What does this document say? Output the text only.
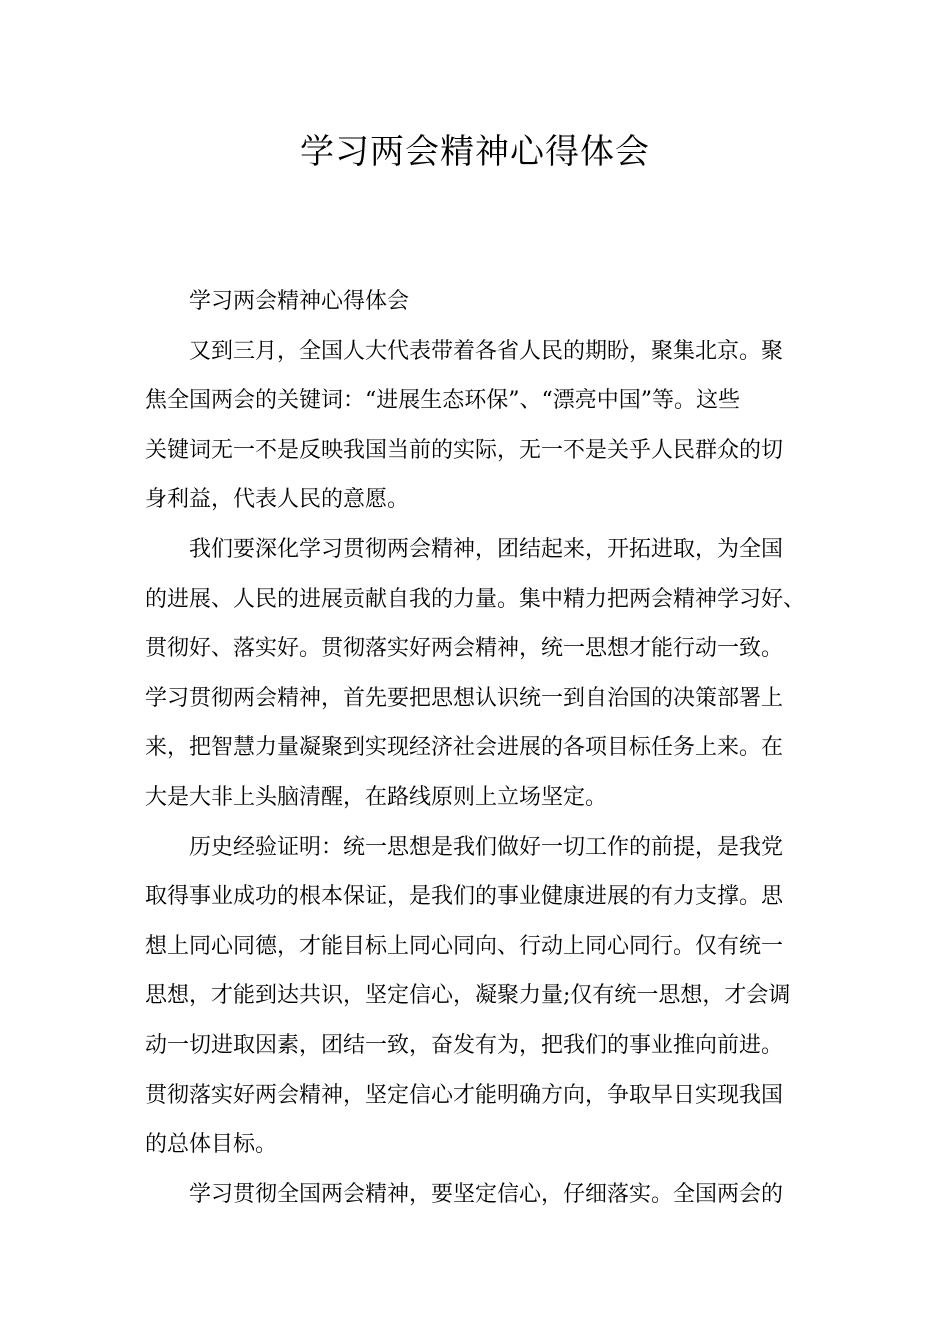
学习两会精神心得体会

学习两会精神心得体会

又到三月，全国人大代表带着各省人民的期盼，聚集北京。聚
焦全国两会的关键词：“进展生态环保”、“漂亮中国”等。这些
关键词无一不是反映我国当前的实际，无一不是关乎人民群众的切
身利益，代表人民的意愿。

我们要深化学习贯彻两会精神，团结起来，开拓进取，为全国
的进展、人民的进展贡献自我的力量。集中精力把两会精神学习好、
贯彻好、落实好。贯彻落实好两会精神，统一思想才能行动一致。
学习贯彻两会精神，首先要把思想认识统一到自治国的决策部署上
来，把智慧力量凝聚到实现经济社会进展的各项目标任务上来。在
大是大非上头脑清醒，在路线原则上立场坚定。

历史经验证明：统一思想是我们做好一切工作的前提，是我党
取得事业成功的根本保证，是我们的事业健康进展的有力支撑。思
想上同心同德，才能目标上同心同向、行动上同心同行。仅有统一
思想，才能到达共识，坚定信心，凝聚力量;仅有统一思想，才会调
动一切进取因素，团结一致，奋发有为，把我们的事业推向前进。
贯彻落实好两会精神，坚定信心才能明确方向，争取早日实现我国
的总体目标。

学习贯彻全国两会精神，要坚定信心，仔细落实。全国两会的
